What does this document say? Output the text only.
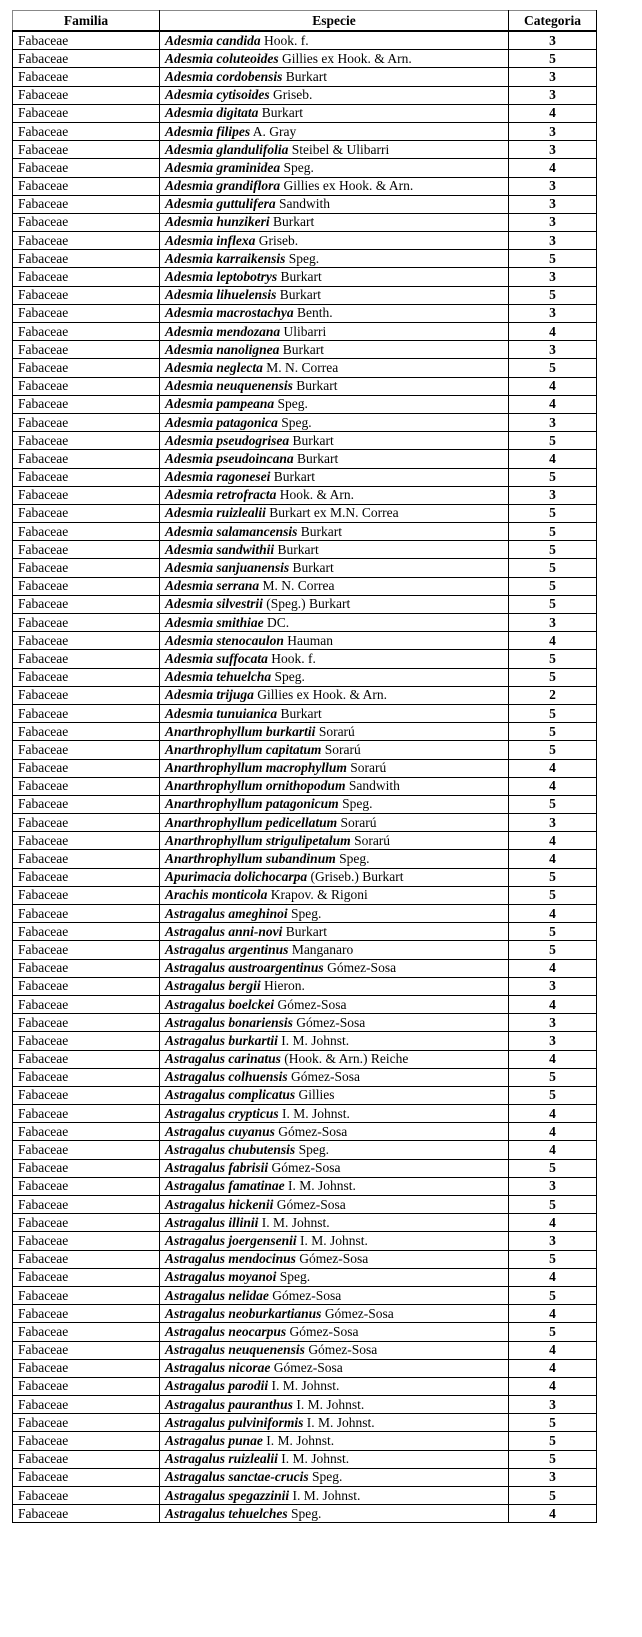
Familia	Especie	Categoria
Fabaceae	Adesmia candida Hook. f.	3
Fabaceae	Adesmia coluteoides Gillies ex Hook. & Arn.	5
Fabaceae	Adesmia cordobensis Burkart	3
Fabaceae	Adesmia cytisoides Griseb.	3
Fabaceae	Adesmia digitata Burkart	4
Fabaceae	Adesmia filipes A. Gray	3
Fabaceae	Adesmia glandulifolia Steibel & Ulibarri	3
Fabaceae	Adesmia graminidea Speg.	4
Fabaceae	Adesmia grandiflora Gillies ex Hook. & Arn.	3
Fabaceae	Adesmia guttulifera Sandwith	3
Fabaceae	Adesmia hunzikeri Burkart	3
Fabaceae	Adesmia inflexa Griseb.	3
Fabaceae	Adesmia karraikensis Speg.	5
Fabaceae	Adesmia leptobotrys Burkart	3
Fabaceae	Adesmia lihuelensis Burkart	5
Fabaceae	Adesmia macrostachya Benth.	3
Fabaceae	Adesmia mendozana Ulibarri	4
Fabaceae	Adesmia nanolignea Burkart	3
Fabaceae	Adesmia neglecta M. N. Correa	5
Fabaceae	Adesmia neuquenensis Burkart	4
Fabaceae	Adesmia pampeana Speg.	4
Fabaceae	Adesmia patagonica Speg.	3
Fabaceae	Adesmia pseudogrisea Burkart	5
Fabaceae	Adesmia pseudoincana Burkart	4
Fabaceae	Adesmia ragonesei Burkart	5
Fabaceae	Adesmia retrofracta Hook. & Arn.	3
Fabaceae	Adesmia ruizlealii Burkart ex M.N. Correa	5
Fabaceae	Adesmia salamancensis Burkart	5
Fabaceae	Adesmia sandwithii Burkart	5
Fabaceae	Adesmia sanjuanensis Burkart	5
Fabaceae	Adesmia serrana M. N. Correa	5
Fabaceae	Adesmia silvestrii (Speg.) Burkart	5
Fabaceae	Adesmia smithiae DC.	3
Fabaceae	Adesmia stenocaulon Hauman	4
Fabaceae	Adesmia suffocata Hook. f.	5
Fabaceae	Adesmia tehuelcha Speg.	5
Fabaceae	Adesmia trijuga Gillies ex Hook. & Arn.	2
Fabaceae	Adesmia tunuianica Burkart	5
Fabaceae	Anarthrophyllum burkartii Sorarú	5
Fabaceae	Anarthrophyllum capitatum Sorarú	5
Fabaceae	Anarthrophyllum macrophyllum Sorarú	4
Fabaceae	Anarthrophyllum ornithopodum Sandwith	4
Fabaceae	Anarthrophyllum patagonicum Speg.	5
Fabaceae	Anarthrophyllum pedicellatum Sorarú	3
Fabaceae	Anarthrophyllum strigulipetalum Sorarú	4
Fabaceae	Anarthrophyllum subandinum Speg.	4
Fabaceae	Apurimacia dolichocarpa (Griseb.) Burkart	5
Fabaceae	Arachis monticola Krapov. & Rigoni	5
Fabaceae	Astragalus ameghinoi Speg.	4
Fabaceae	Astragalus anni-novi Burkart	5
Fabaceae	Astragalus argentinus Manganaro	5
Fabaceae	Astragalus austroargentinus Gómez-Sosa	4
Fabaceae	Astragalus bergii Hieron.	3
Fabaceae	Astragalus boelckei Gómez-Sosa	4
Fabaceae	Astragalus bonariensis Gómez-Sosa	3
Fabaceae	Astragalus burkartii I. M. Johnst.	3
Fabaceae	Astragalus carinatus (Hook. & Arn.) Reiche	4
Fabaceae	Astragalus colhuensis Gómez-Sosa	5
Fabaceae	Astragalus complicatus Gillies	5
Fabaceae	Astragalus crypticus I. M. Johnst.	4
Fabaceae	Astragalus cuyanus Gómez-Sosa	4
Fabaceae	Astragalus chubutensis Speg.	4
Fabaceae	Astragalus fabrisii Gómez-Sosa	5
Fabaceae	Astragalus famatinae I. M. Johnst.	3
Fabaceae	Astragalus hickenii Gómez-Sosa	5
Fabaceae	Astragalus illinii I. M. Johnst.	4
Fabaceae	Astragalus joergensenii I. M. Johnst.	3
Fabaceae	Astragalus mendocinus Gómez-Sosa	5
Fabaceae	Astragalus moyanoi Speg.	4
Fabaceae	Astragalus nelidae Gómez-Sosa	5
Fabaceae	Astragalus neoburkartianus Gómez-Sosa	4
Fabaceae	Astragalus neocarpus Gómez-Sosa	5
Fabaceae	Astragalus neuquenensis Gómez-Sosa	4
Fabaceae	Astragalus nicorae Gómez-Sosa	4
Fabaceae	Astragalus parodii I. M. Johnst.	4
Fabaceae	Astragalus pauranthus I. M. Johnst.	3
Fabaceae	Astragalus pulviniformis I. M. Johnst.	5
Fabaceae	Astragalus punae I. M. Johnst.	5
Fabaceae	Astragalus ruizlealii I. M. Johnst.	5
Fabaceae	Astragalus sanctae-crucis Speg.	3
Fabaceae	Astragalus spegazzinii I. M. Johnst.	5
Fabaceae	Astragalus tehuelches Speg.	4
